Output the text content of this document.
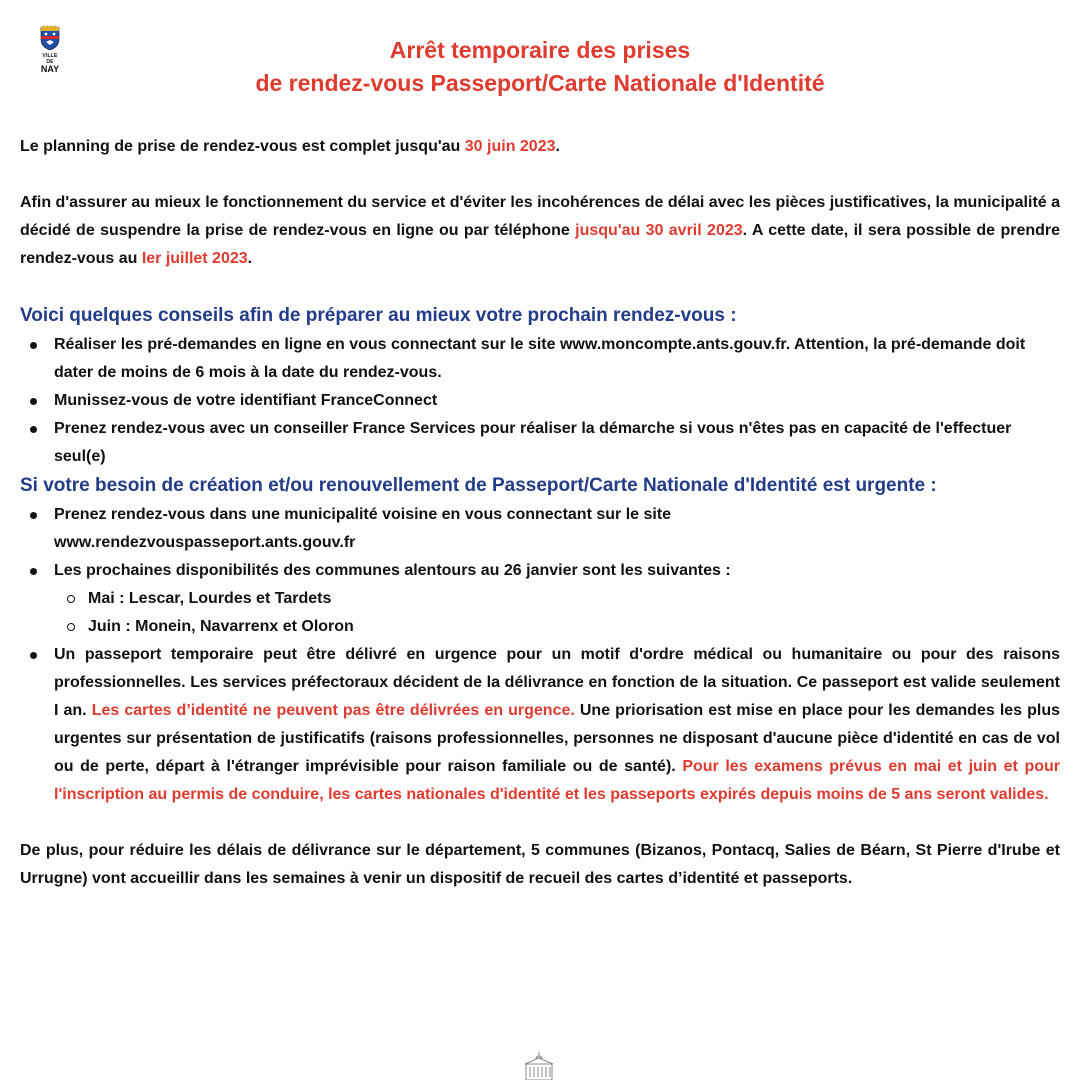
VILLE DE
NAY
Arrêt temporaire des prises
de rendez-vous Passeport/Carte Nationale d'Identité

Le planning de prise de rendez-vous est complet jusqu'au 30 juin 2023.

Afin d'assurer au mieux le fonctionnement du service et d'éviter les incohérences de délai avec les pièces justificatives, la municipalité a décidé de suspendre la prise de rendez-vous en ligne ou par téléphone jusqu'au 30 avril 2023. A cette date, il sera possible de prendre rendez-vous au Ier juillet 2023.

Voici quelques conseils afin de préparer au mieux votre prochain rendez-vous :

Réaliser les pré-demandes en ligne en vous connectant sur le site www.moncompte.ants.gouv.fr. Attention, la pré-demande doit dater de moins de 6 mois à la date du rendez-vous.
Munissez-vous de votre identifiant FranceConnect
Prenez rendez-vous avec un conseiller France Services pour réaliser la démarche si vous n'êtes pas en capacité de l'effectuer seul(e)

Si votre besoin de création et/ou renouvellement de Passeport/Carte Nationale d'Identité est urgente :

Prenez rendez-vous dans une municipalité voisine en vous connectant sur le site
www.rendezvouspasseport.ants.gouv.fr
Les prochaines disponibilités des communes alentours au 26 janvier sont les suivantes :
Mai : Lescar, Lourdes et Tardets
Juin : Monein, Navarrenx et Oloron
Un passeport temporaire peut être délivré en urgence pour un motif d'ordre médical ou humanitaire ou pour des raisons professionnelles. Les services préfectoraux décident de la délivrance en fonction de la situation. Ce passeport est valide seulement I an. Les cartes d’identité ne peuvent pas être délivrées en urgence. Une priorisation est mise en place pour les demandes les plus urgentes sur présentation de justificatifs (raisons professionnelles, personnes ne disposant d'aucune pièce d'identité en cas de vol ou de perte, départ à l'étranger imprévisible pour raison familiale ou de santé). Pour les examens prévus en mai et juin et pour l'inscription au permis de conduire, les cartes nationales d'identité et les passeports expirés depuis moins de 5 ans seront valides.

De plus, pour réduire les délais de délivrance sur le département, 5 communes (Bizanos, Pontacq, Salies de Béarn, St Pierre d'Irube et Urrugne) vont accueillir dans les semaines à venir un dispositif de recueil des cartes d’identité et passeports.
